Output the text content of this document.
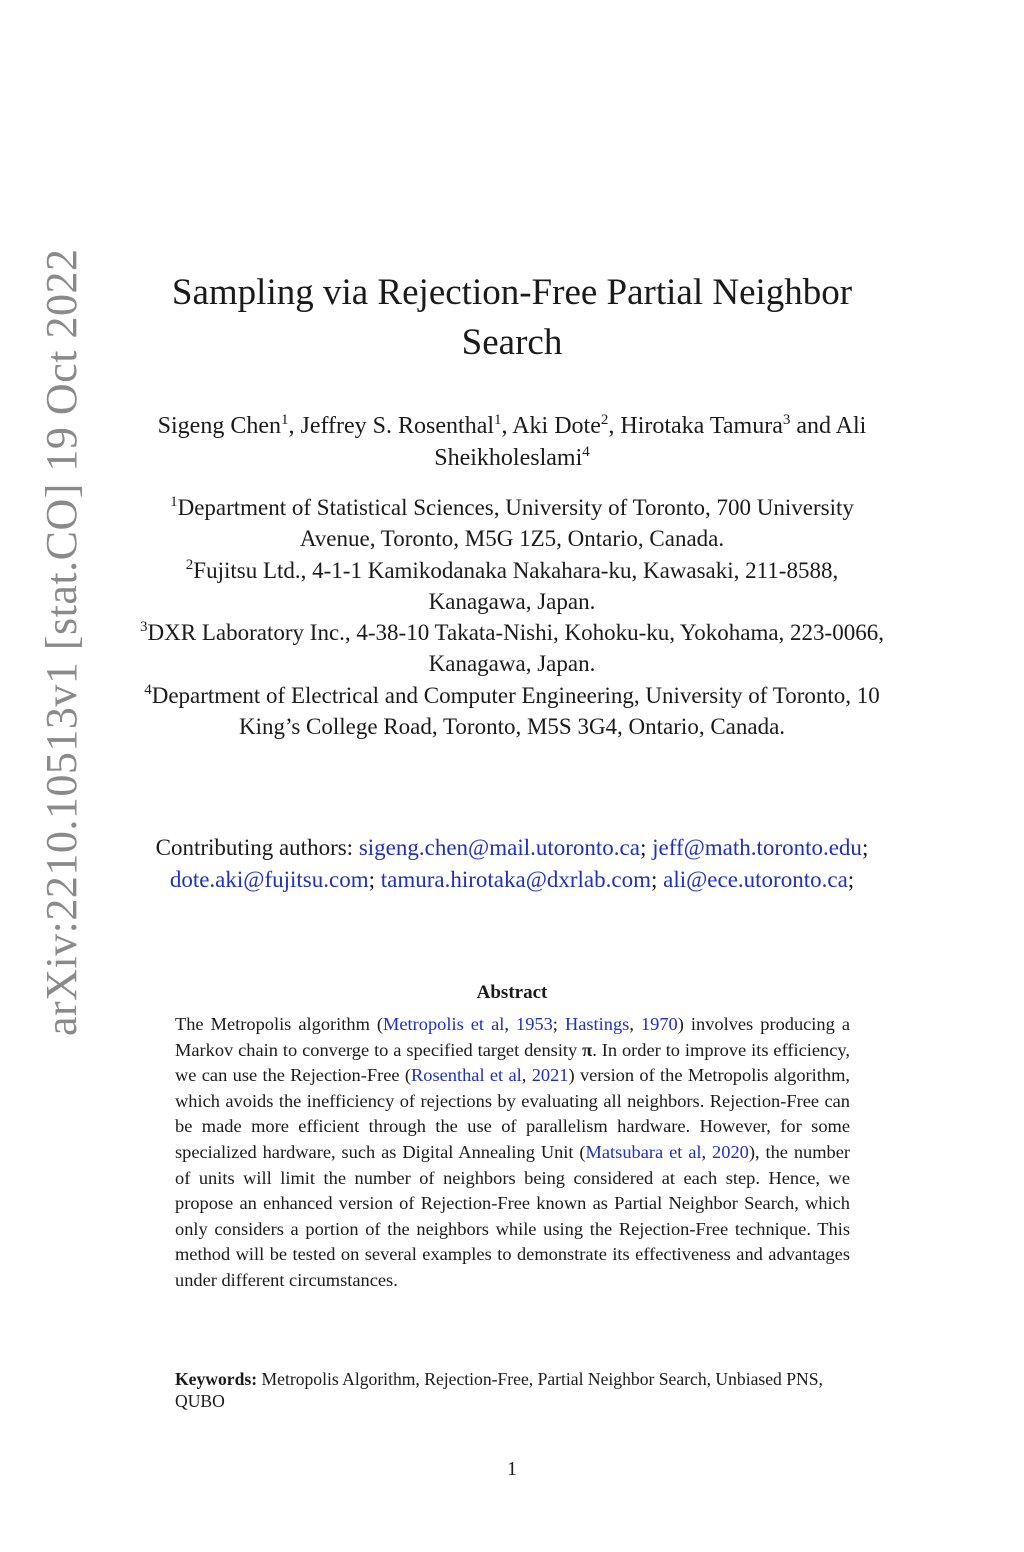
arXiv:2210.10513v1 [stat.CO] 19 Oct 2022	Sampling via Rejection-Free Partial Neighbor Search
Sigeng Chen$^1$, Jeffrey S. Rosenthal$^1$, Aki Dote$^2$, Hirotaka Tamura$^3$ and Ali Sheikholeslami$^4$
$^1$Department of Statistical Sciences, University of Toronto, 700 University Avenue, Toronto, M5G 1Z5, Ontario, Canada.
$^2$Fujitsu Ltd., 4-1-1 Kamikodanaka Nakahara-ku, Kawasaki, 211-8588, Kanagawa, Japan.
$^3$DXR Laboratory Inc., 4-38-10 Takata-Nishi, Kohoku-ku, Yokohama, 223-0066, Kanagawa, Japan.
$^4$Department of Electrical and Computer Engineering, University of Toronto, 10 King’s College Road, Toronto, M5S 3G4, Ontario, Canada.
Contributing authors: sigeng.chen@mail.utoronto.ca; jeff@math.toronto.edu; dote.aki@fujitsu.com; tamura.hirotaka@dxrlab.com; ali@ece.utoronto.ca;
Abstract

The Metropolis algorithm (Metropolis et al, 1953; Hastings, 1970) involves producing a Markov chain to converge to a specified target density π. In order to improve its efficiency, we can use the Rejection-Free (Rosenthal et al, 2021) version of the Metropolis algorithm, which avoids the inefficiency of rejections by evaluating all neighbors. Rejection-Free can be made more efficient through the use of parallelism hardware. However, for some specialized hardware, such as Digital Annealing Unit (Matsubara et al, 2020), the number of units will limit the number of neighbors being considered at each step. Hence, we propose an enhanced version of Rejection-Free known as Partial Neighbor Search, which only considers a portion of the neighbors while using the Rejection-Free technique. This method will be tested on several examples to demonstrate its effectiveness and advantages under different circumstances.

Keywords: Metropolis Algorithm, Rejection-Free, Partial Neighbor Search, Unbiased PNS, QUBO

1
